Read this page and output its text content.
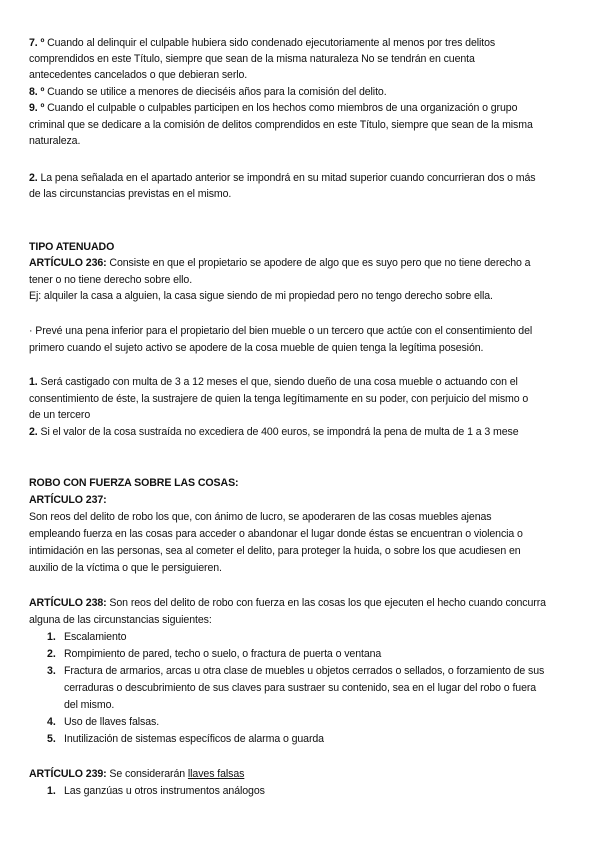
7. º Cuando al delinquir el culpable hubiera sido condenado ejecutoriamente al menos por tres delitos
comprendidos en este Título, siempre que sean de la misma naturaleza No se tendrán en cuenta
antecedentes cancelados o que debieran serlo.
8. º Cuando se utilice a menores de dieciséis años para la comisión del delito.
9. º Cuando el culpable o culpables participen en los hechos como miembros de una organización o grupo
criminal que se dedicare a la comisión de delitos comprendidos en este Título, siempre que sean de la misma
naturaleza.
2. La pena señalada en el apartado anterior se impondrá en su mitad superior cuando concurrieran dos o más
de las circunstancias previstas en el mismo.
TIPO ATENUADO
ARTÍCULO 236: Consiste en que el propietario se apodere de algo que es suyo pero que no tiene derecho a
tener o no tiene derecho sobre ello.
Ej: alquiler la casa a alguien, la casa sigue siendo de mi propiedad pero no tengo derecho sobre ella.
· Prevé una pena inferior para el propietario del bien mueble o un tercero que actúe con el consentimiento del
primero cuando el sujeto activo se apodere de la cosa mueble de quien tenga la legítima posesión.
1. Será castigado con multa de 3 a 12 meses el que, siendo dueño de una cosa mueble o actuando con el
consentimiento de éste, la sustrajere de quien la tenga legítimamente en su poder, con perjuicio del mismo o
de un tercero
2. Si el valor de la cosa sustraída no excediera de 400 euros, se impondrá la pena de multa de 1 a 3 mese
ROBO CON FUERZA SOBRE LAS COSAS:
ARTÍCULO 237:
Son reos del delito de robo los que, con ánimo de lucro, se apoderaren de las cosas muebles ajenas
empleando fuerza en las cosas para acceder o abandonar el lugar donde éstas se encuentran o violencia o
intimidación en las personas, sea al cometer el delito, para proteger la huida, o sobre los que acudiesen en
auxilio de la víctima o que le persiguieren.
ARTÍCULO 238: Son reos del delito de robo con fuerza en las cosas los que ejecuten el hecho cuando concurra
alguna de las circunstancias siguientes:
1. Escalamiento
2. Rompimiento de pared, techo o suelo, o fractura de puerta o ventana
3. Fractura de armarios, arcas u otra clase de muebles u objetos cerrados o sellados, o forzamiento de sus
cerraduras o descubrimiento de sus claves para sustraer su contenido, sea en el lugar del robo o fuera
del mismo.
4. Uso de llaves falsas.
5. Inutilización de sistemas específicos de alarma o guarda
ARTÍCULO 239: Se considerarán llaves falsas
1. Las ganzúas u otros instrumentos análogos
